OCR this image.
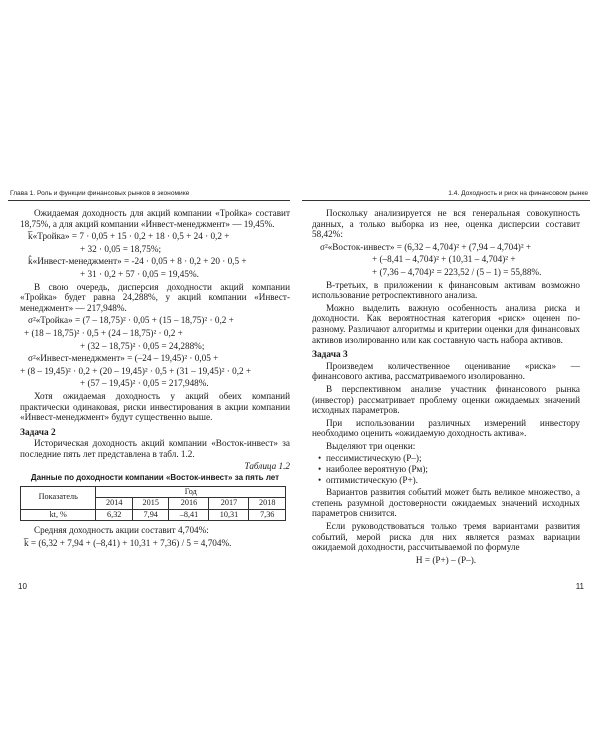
Глава 1. Роль и функции финансовых рынков в экономике

Ожидаемая доходность для акций компании «Тройка» составит 18,75%, а для акций компании «Инвест-менеджмент» — 19,45%.

k̅«Тройка» = 7 · 0,05 + 15 · 0,2 + 18 · 0,5 + 24 · 0,2 +
+ 32 · 0,05 = 18,75%;
k̂«Инвест-менеджмент» = -24 · 0,05 + 8 · 0,2 + 20 · 0,5 +
+ 31 · 0,2 + 57 · 0,05 = 19,45%.

В свою очередь, дисперсия доходности акций компании «Тройка» будет равна 24,288%, у акций компании «Инвест-менеджмент» — 217,948%.

σ²«Тройка» = (7 – 18,75)² · 0,05 + (15 – 18,75)² · 0,2 +
+ (18 – 18,75)² · 0,5 + (24 – 18,75)² · 0,2 +
+ (32 – 18,75)² · 0,05 = 24,288%;
σ²«Инвест-менеджмент» = (–24 – 19,45)² · 0,05 +
+ (8 – 19,45)² · 0,2 + (20 – 19,45)² · 0,5 + (31 – 19,45)² · 0,2 +
+ (57 – 19,45)² · 0,05 = 217,948%.

Хотя ожидаемая доходность у акций обеих компаний практически одинаковая, риски инвестирования в акции компании «Инвест-менеджмент» будут существенно выше.

Задача 2

Историческая доходность акций компании «Восток-инвест» за последние пять лет представлена в табл. 1.2.

Таблица 1.2
Данные по доходности компании «Восток-инвест» за пять лет
Показатель	Год				
	2014	2015	2016	2017	2018
kt, %	6,32	7,94	–8,41	10,31	7,36

Средняя доходность акции составит 4,704%:

k̅ = (6,32 + 7,94 + (–8,41) + 10,31 + 7,36) / 5 = 4,704%.
10
1.4. Доходность и риск на финансовом рынке

Поскольку анализируется не вся генеральная совокупность данных, а только выборка из нее, оценка дисперсии составит 58,42%:

σ²«Восток-инвест» = (6,32 – 4,704)² + (7,94 – 4,704)² +
+ (–8,41 – 4,704)² + (10,31 – 4,704)² +
+ (7,36 – 4,704)² = 223,52 / (5 – 1) = 55,88%.

В-третьих, в приложении к финансовым активам возможно использование ретроспективного анализа.

Можно выделить важную особенность анализа риска и доходности. Как вероятностная категория «риск» оценен по-разному. Различают алгоритмы и критерии оценки для финансовых активов изолированно или как составную часть набора активов.

Задача 3

Произведем количественное оценивание «риска» — финансового актива, рассматриваемого изолированно.

В перспективном анализе участник финансового рынка (инвестор) рассматривает проблему оценки ожидаемых значений исходных параметров.

При использовании различных измерений инвестору необходимо оценить «ожидаемую доходность актива».

Выделяют три оценки:

• пессимистическую (P–);
• наиболее вероятную (Pм);
• оптимистическую (P+).

Вариантов развития событий может быть великое множество, а степень разумной достоверности ожидаемых значений исходных параметров снизится.

Если руководствоваться только тремя вариантами развития событий, мерой риска для них является размах вариации ожидаемой доходности, рассчитываемой по формуле

H = (P+) – (P–).
11
